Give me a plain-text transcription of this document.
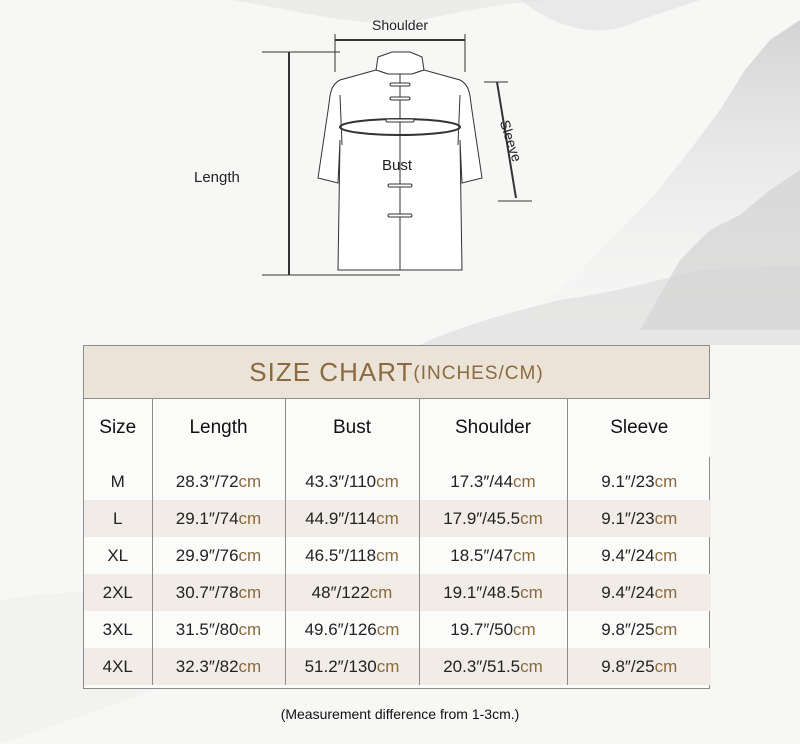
Shoulder
Length
Bust
Sleeve
SIZE CHART (INCHES/CM)
Size	Length	Bust	Shoulder	Sleeve

M	28.3″/72cm	43.3″/110cm	17.3″/44cm	9.1″/23cm
L	29.1″/74cm	44.9″/114cm	17.9″/45.5cm	9.1″/23cm
XL	29.9″/76cm	46.5″/118cm	18.5″/47cm	9.4″/24cm
2XL	30.7″/78cm	48″/122cm	19.1″/48.5cm	9.4″/24cm
3XL	31.5″/80cm	49.6″/126cm	19.7″/50cm	9.8″/25cm
4XL	32.3″/82cm	51.2″/130cm	20.3″/51.5cm	9.8″/25cm
(Measurement difference from 1-3cm.)
